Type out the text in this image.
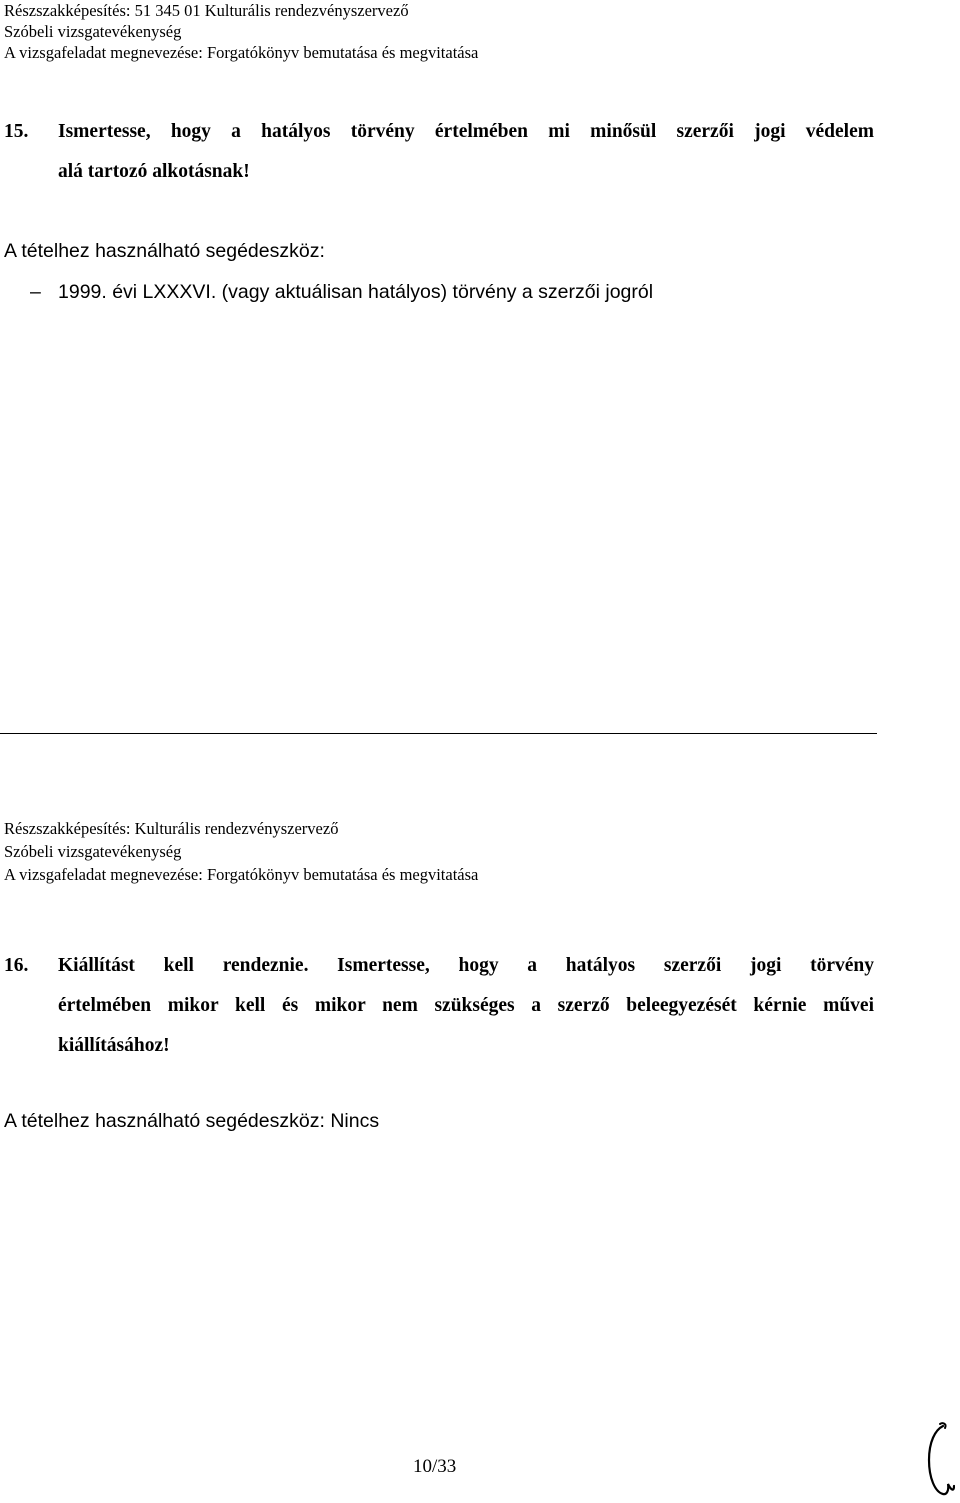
Részszakképesítés: 51 345 01 Kulturális rendezvényszervező
Szóbeli vizsgatevékenység
A vizsgafeladat megnevezése: Forgatókönyv bemutatása és megvitatása
15. Ismertesse, hogy a hatályos törvény értelmében mi minősül szerzői jogi védelem
alá tartozó alkotásnak!
A tételhez használható segédeszköz:
– 1999. évi LXXXVI. (vagy aktuálisan hatályos) törvény a szerzői jogról
Részszakképesítés: Kulturális rendezvényszervező
Szóbeli vizsgatevékenység
A vizsgafeladat megnevezése: Forgatókönyv bemutatása és megvitatása
16. Kiállítást kell rendeznie. Ismertesse, hogy a hatályos szerzői jogi törvény
értelmében mikor kell és mikor nem szükséges a szerző beleegyezését kérnie művei
kiállításához!
A tételhez használható segédeszköz: Nincs
10/33
